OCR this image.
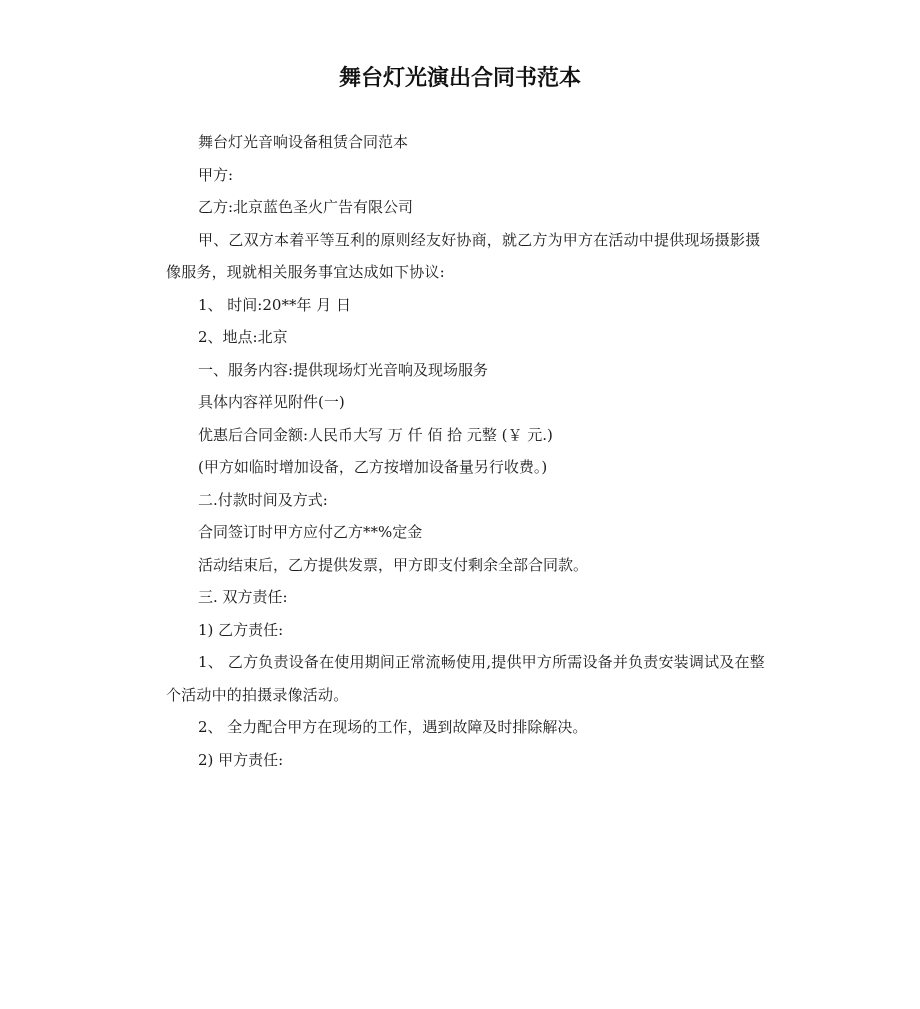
舞台灯光演出合同书范本

舞台灯光音响设备租赁合同范本

甲方:

乙方:北京蓝色圣火广告有限公司

甲、乙双方本着平等互利的原则经友好协商，就乙方为甲方在活动中提供现场摄影摄像服务，现就相关服务事宜达成如下协议:

1、 时间:20**年 月 日

2、地点:北京

一、服务内容:提供现场灯光音响及现场服务

具体内容祥见附件(一)

优惠后合同金额:人民币大写 万 仟 佰 拾 元整 (￥ 元.)

(甲方如临时增加设备，乙方按增加设备量另行收费。)

二.付款时间及方式:

合同签订时甲方应付乙方**%定金

活动结束后，乙方提供发票，甲方即支付剩余全部合同款。

三. 双方责任:

1) 乙方责任:

1、 乙方负责设备在使用期间正常流畅使用,提供甲方所需设备并负责安装调试及在整个活动中的拍摄录像活动。

2、 全力配合甲方在现场的工作，遇到故障及时排除解决。

2) 甲方责任:
